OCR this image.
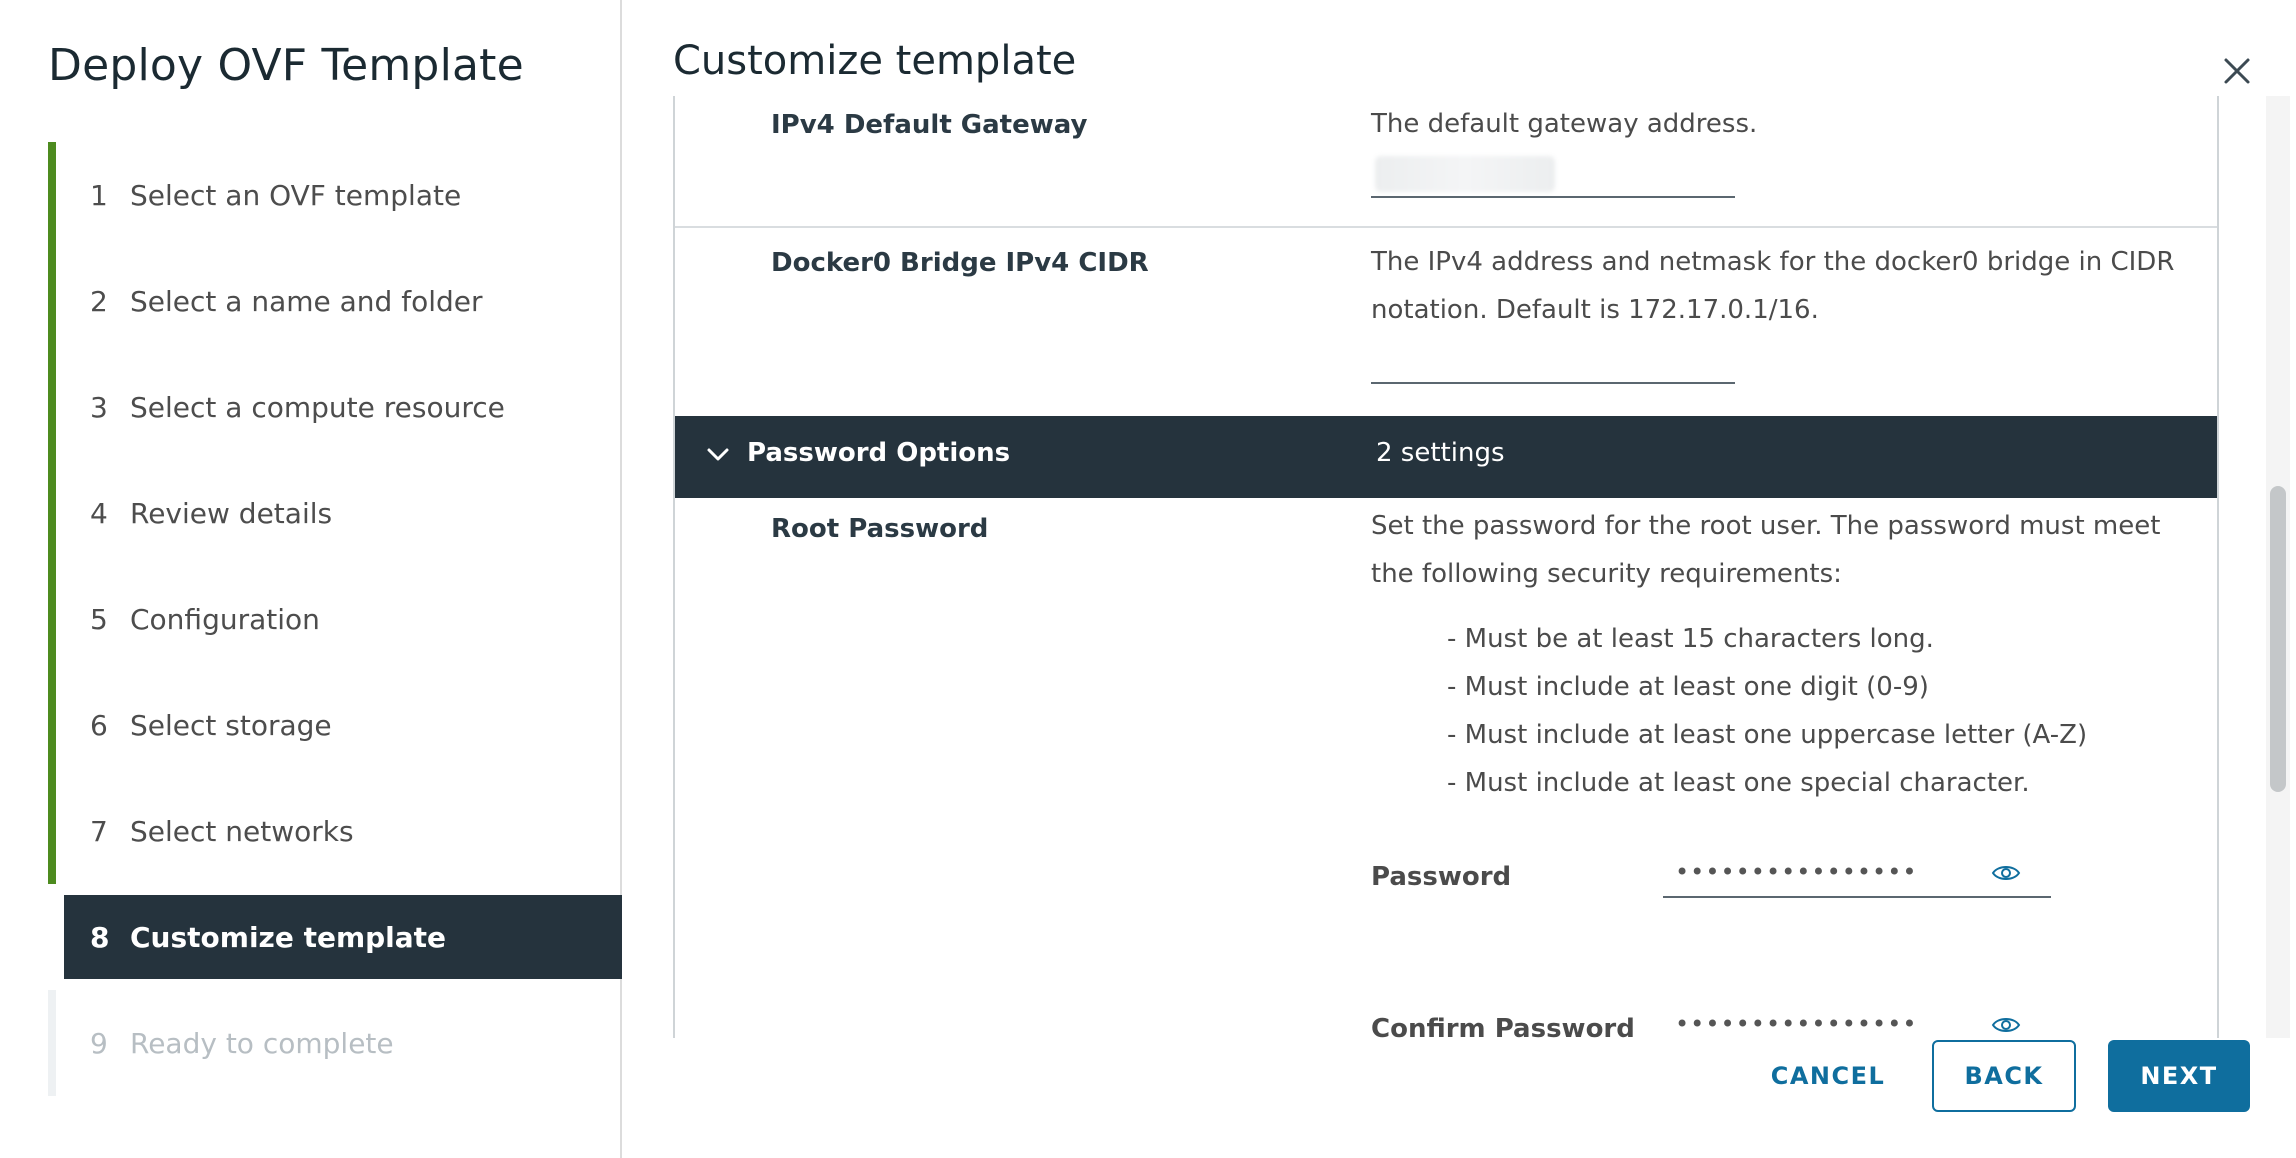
Deploy OVF Template
1 Select an OVF template
2 Select a name and folder
3 Select a compute resource
4 Review details
5 Configuration
6 Select storage
7 Select networks
8 Customize template
9 Ready to complete
Customize template
IPv4 Default Gateway	The default gateway address.
Docker0 Bridge IPv4 CIDR	The IPv4 address and netmask for the docker0 bridge in CIDR notation. Default is 172.17.0.1/16.
Password Options	2 settings
Root Password	Set the password for the root user. The password must meet the following security requirements:
- Must be at least 15 characters long.
- Must include at least one digit (0-9)
- Must include at least one uppercase letter (A-Z)
- Must include at least one special character.
Password	••••••••••••••••
Confirm Password ••••••••••••••••
CANCEL	BACK	NEXT
